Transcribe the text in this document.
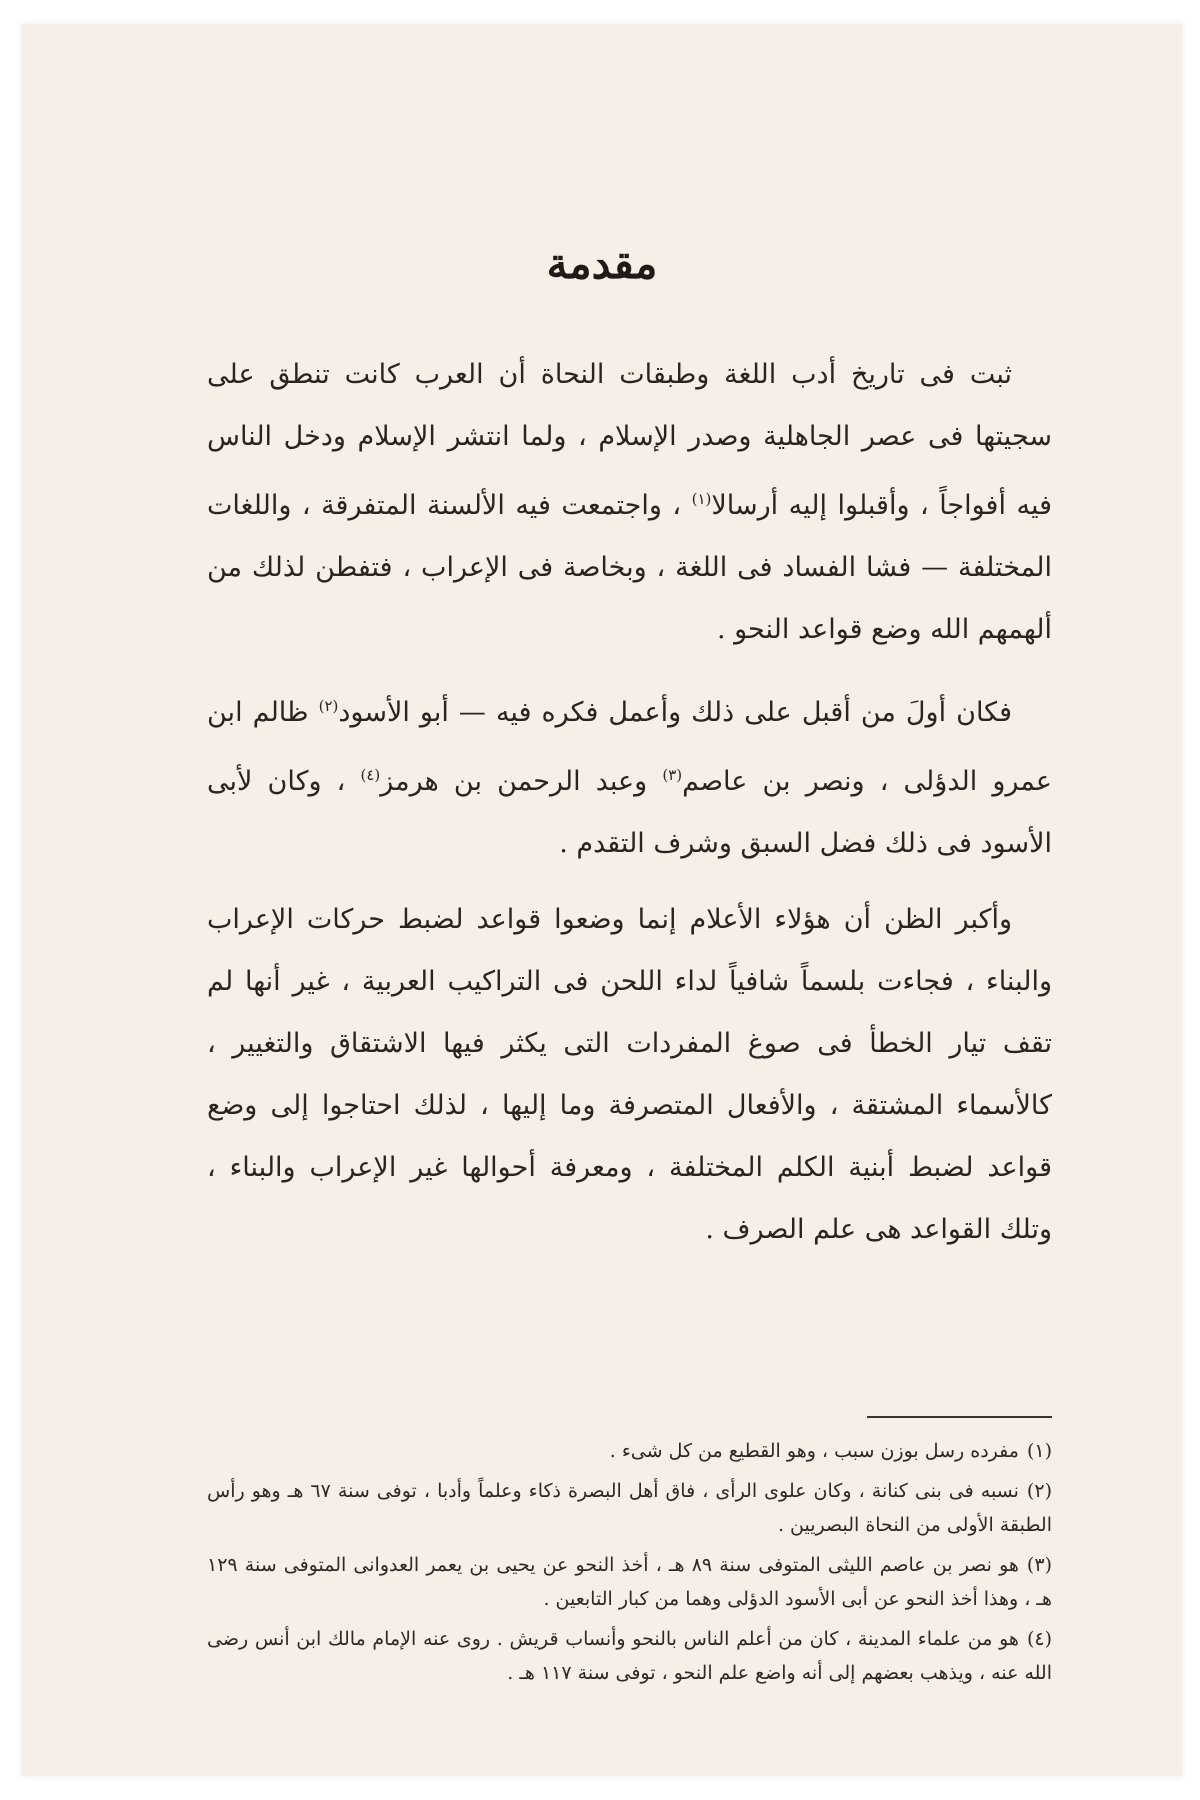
مقدمة

ثبت فى تاريخ أدب اللغة وطبقات النحاة أن العرب كانت تنطق على سجيتها فى عصر الجاهلية وصدر الإسلام ، ولما انتشر الإسلام ودخل الناس فيه أفواجاً ، وأقبلوا إليه أرسالا$^{(١)}$ ، واجتمعت فيه الألسنة المتفرقة ، واللغات المختلفة — فشا الفساد فى اللغة ، وبخاصة فى الإعراب ، فتفطن لذلك من ألهمهم الله وضع قواعد النحو .

فكان أولَ من أقبل على ذلك وأعمل فكره فيه — أبو الأسود$^{(٢)}$ ظالم ابن عمرو الدؤلى ، ونصر بن عاصم$^{(٣)}$ وعبد الرحمن بن هرمز$^{(٤)}$ ، وكان لأبى الأسود فى ذلك فضل السبق وشرف التقدم .

وأكبر الظن أن هؤلاء الأعلام إنما وضعوا قواعد لضبط حركات الإعراب والبناء ، فجاءت بلسماً شافياً لداء اللحن فى التراكيب العربية ، غير أنها لم تقف تيار الخطأ فى صوغ المفردات التى يكثر فيها الاشتقاق والتغيير ، كالأسماء المشتقة ، والأفعال المتصرفة وما إليها ، لذلك احتاجوا إلى وضع قواعد لضبط أبنية الكلم المختلفة ، ومعرفة أحوالها غير الإعراب والبناء ، وتلك القواعد هى علم الصرف .

(١)مفرده رسل بوزن سبب ، وهو القطيع من كل شىء .

(٢)نسبه فى بنى كنانة ، وكان علوى الرأى ، فاق أهل البصرة ذكاء وعلماً وأدبا ، توفى سنة ٦٧ هـ وهو رأس الطبقة الأولى من النحاة البصريين .

(٣)هو نصر بن عاصم الليثى المتوفى سنة ٨٩ هـ ، أخذ النحو عن يحيى بن يعمر العدوانى المتوفى سنة ١٢٩ هـ ، وهذا أخذ النحو عن أبى الأسود الدؤلى وهما من كبار التابعين .

(٤)هو من علماء المدينة ، كان من أعلم الناس بالنحو وأنساب قريش . روى عنه الإمام مالك ابن أنس رضى الله عنه ، ويذهب بعضهم إلى أنه واضع علم النحو ، توفى سنة ١١٧ هـ .
